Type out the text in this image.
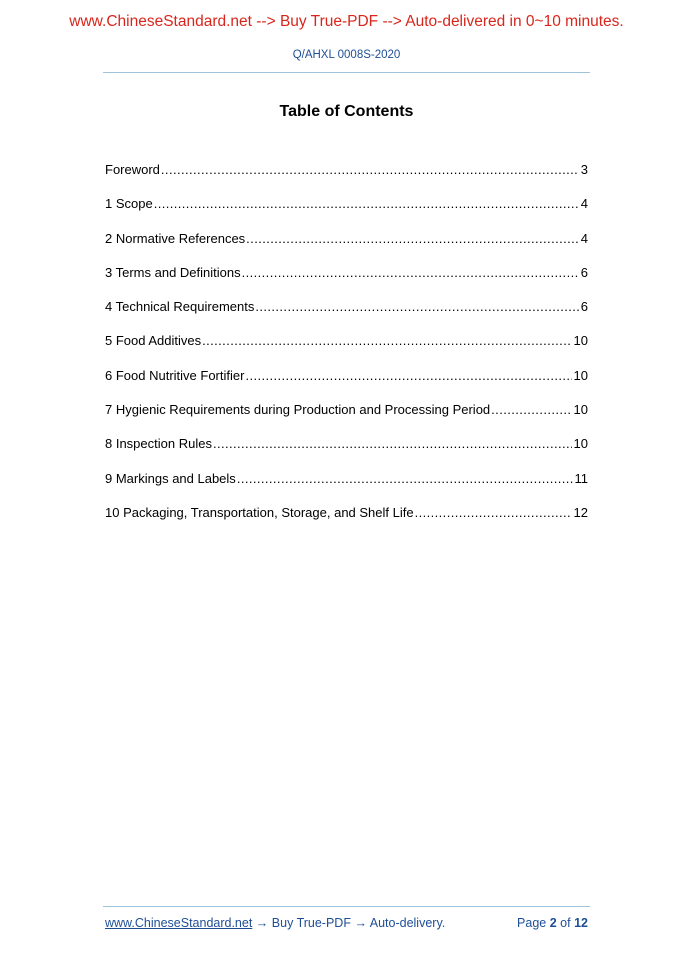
www.ChineseStandard.net --> Buy True-PDF --> Auto-delivered in 0~10 minutes.
Q/AHXL 0008S-2020
Table of Contents
Foreword .....	3
1 Scope .....	4
2 Normative References .....	4
3 Terms and Definitions .....	6
4 Technical Requirements .....	6
5 Food Additives .....	10
6 Food Nutritive Fortifier .....	10
7 Hygienic Requirements during Production and Processing Period .....	10
8 Inspection Rules .....	10
9 Markings and Labels .....	11
10 Packaging, Transportation, Storage, and Shelf Life .....	12
www.ChineseStandard.net → Buy True-PDF → Auto-delivery.	Page 2 of 12
